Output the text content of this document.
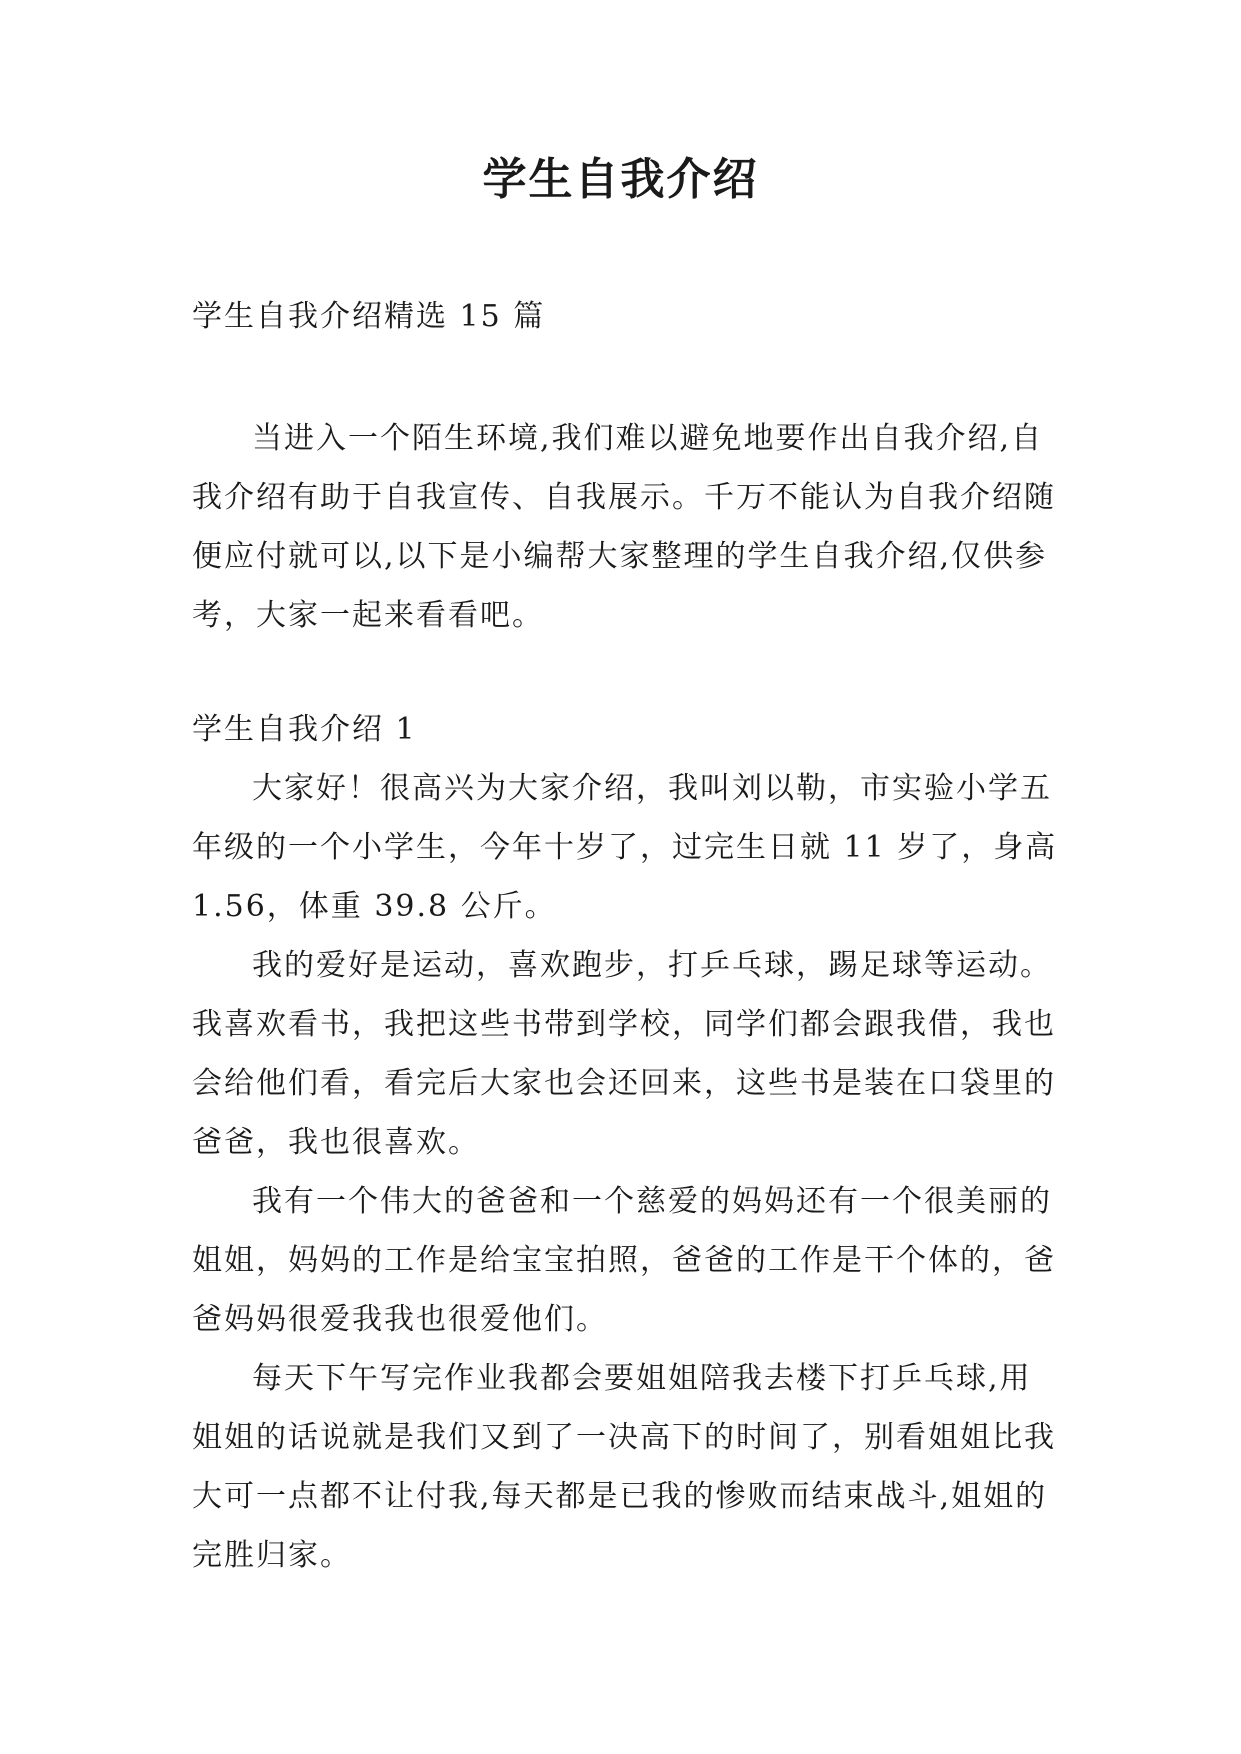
学生自我介绍
学生自我介绍精选 15 篇

当进入一个陌生环境,我们难以避免地要作出自我介绍,自我介绍有助于自我宣传、自我展示。千万不能认为自我介绍随便应付就可以,以下是小编帮大家整理的学生自我介绍,仅供参考，大家一起来看看吧。

学生自我介绍 1

大家好！很高兴为大家介绍，我叫刘以勒，市实验小学五年级的一个小学生，今年十岁了，过完生日就 11 岁了，身高 1.56，体重 39.8 公斤。

我的爱好是运动，喜欢跑步，打乒乓球，踢足球等运动。我喜欢看书，我把这些书带到学校，同学们都会跟我借，我也会给他们看，看完后大家也会还回来，这些书是装在口袋里的爸爸，我也很喜欢。

我有一个伟大的爸爸和一个慈爱的妈妈还有一个很美丽的姐姐，妈妈的工作是给宝宝拍照，爸爸的工作是干个体的，爸爸妈妈很爱我我也很爱他们。

每天下午写完作业我都会要姐姐陪我去楼下打乒乓球,用姐姐的话说就是我们又到了一决高下的时间了，别看姐姐比我大可一点都不让付我,每天都是已我的惨败而结束战斗,姐姐的完胜归家。
